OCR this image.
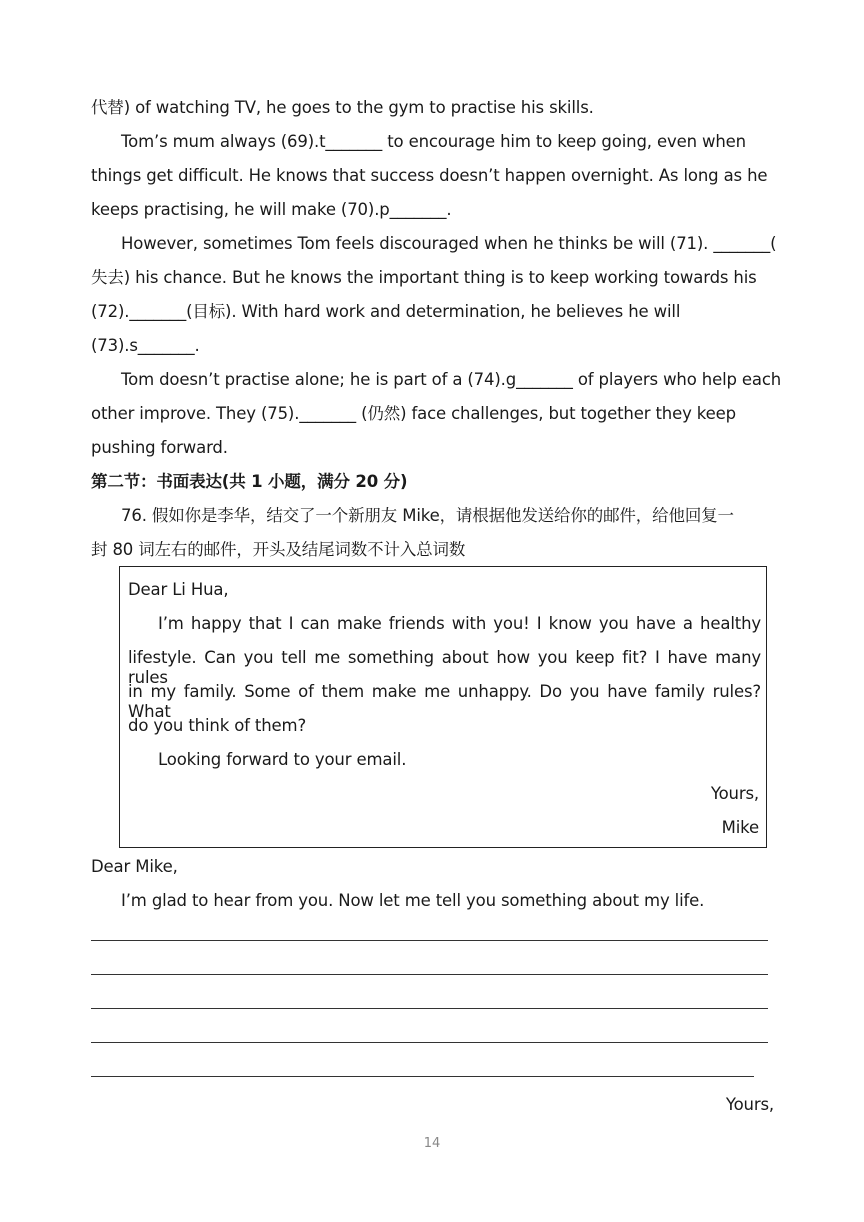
代替) of watching TV, he goes to the gym to practise his skills.
Tom’s mum always (69).t_______ to encourage him to keep going, even when
things get difficult. He knows that success doesn’t happen overnight. As long as he
keeps practising, he will make (70).p_______.
However, sometimes Tom feels discouraged when he thinks be will (71). _______(
失去) his chance. But he knows the important thing is to keep working towards his
(72)._______(目标). With hard work and determination, he believes he will
(73).s_______.
Tom doesn’t practise alone; he is part of a (74).g_______ of players who help each
other improve. They (75)._______ (仍然) face challenges, but together they keep
pushing forward.
第二节：书面表达(共 1 小题，满分 20 分)
76. 假如你是李华，结交了一个新朋友 Mike，请根据他发送给你的邮件，给他回复一
封 80 词左右的邮件，开头及结尾词数不计入总词数
Dear Li Hua,
I’m happy that I can make friends with you! I know you have a healthy
lifestyle. Can you tell me something about how you keep fit? I have many rules
in my family. Some of them make me unhappy. Do you have family rules? What
do you think of them?
Looking forward to your email.
Yours,
Mike
Dear Mike,
I’m glad to hear from you. Now let me tell you something about my life.
Yours,
14
